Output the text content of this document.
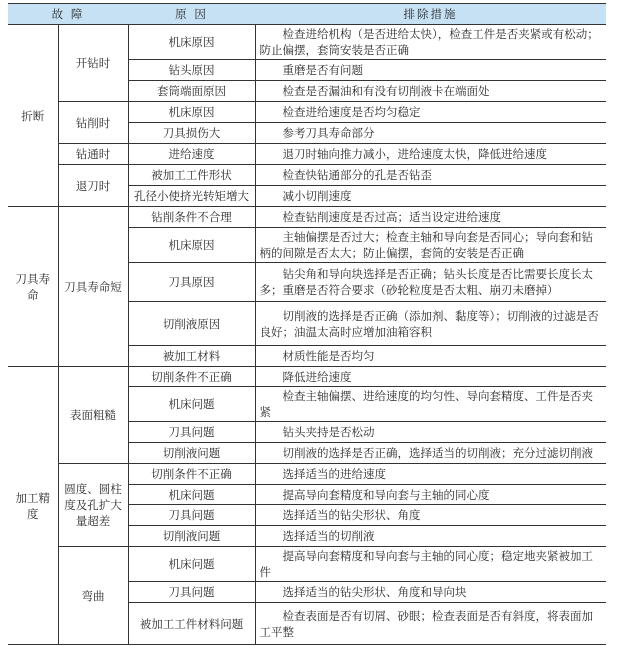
故 障		原 因	排除措施
折断	开钻时	机床原因	检查进给机构（是否进给太快），检查工件是否夹紧或有松动；防止偏摆，套筒安装是否正确
		钻头原因	重磨是否有问题
		套筒端面原因	检查是否漏油和有没有切削液卡在端面处
	钻削时	机床原因	检查进给速度是否均匀稳定
		刀具损伤大	参考刀具寿命部分
	钻通时	进给速度	退刀时轴向推力减小，进给速度太快，降低进给速度
	退刀时	被加工工件形状	检查快钻通部分的孔是否钻歪
		孔径小使挤光转矩增大	减小切削速度
刀具寿命	刀具寿命短	钻削条件不合理	检查钻削速度是否过高；适当设定进给速度
		机床原因	主轴偏摆是否过大；检查主轴和导向套是否同心；导向套和钻柄的间隙是否太大；防止偏摆，套筒的安装是否正确
		刀具原因	钻尖角和导向块选择是否正确；钻头长度是否比需要长度长太多；重磨是否符合要求（砂轮粒度是否太粗、崩刃未磨掉）
		切削液原因	切削液的选择是否正确（添加剂、黏度等）；切削液的过滤是否良好；油温太高时应增加油箱容积
		被加工材料	材质性能是否均匀
加工精度	表面粗糙	切削条件不正确	降低进给速度
		机床问题	检查主轴偏摆、进给速度的均匀性、导向套精度、工件是否夹紧
		刀具问题	钻头夹持是否松动
		切削液问题	切削液的选择是否正确，选择适当的切削液；充分过滤切削液
	圆度、圆柱度及孔扩大量超差	切削条件不正确	选择适当的进给速度
		机床问题	提高导向套精度和导向套与主轴的同心度
		刀具问题	选择适当的钻尖形状、角度
		切削液问题	选择适当的切削液
	弯曲	机床问题	提高导向套精度和导向套与主轴的同心度；稳定地夹紧被加工件
		刀具问题	选择适当的钻尖形状、角度和导向块
		被加工工件材料问题	检查表面是否有切屑、砂眼；检查表面是否有斜度，将表面加工平整
